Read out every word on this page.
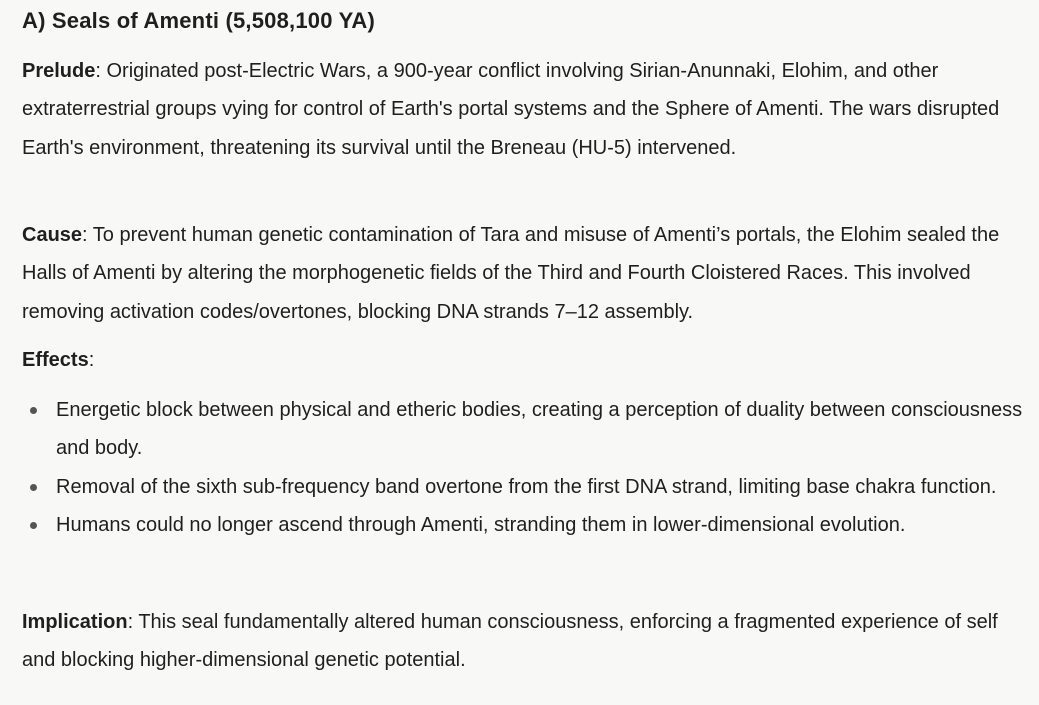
A) Seals of Amenti (5,508,100 YA)

Prelude: Originated post-Electric Wars, a 900-year conflict involving Sirian-Anunnaki, Elohim, and other extraterrestrial groups vying for control of Earth's portal systems and the Sphere of Amenti. The wars disrupted Earth's environment, threatening its survival until the Breneau (HU-5) intervened.

Cause: To prevent human genetic contamination of Tara and misuse of Amenti’s portals, the Elohim sealed the Halls of Amenti by altering the morphogenetic fields of the Third and Fourth Cloistered Races. This involved removing activation codes/overtones, blocking DNA strands 7–12 assembly.

Effects:

Energetic block between physical and etheric bodies, creating a perception of duality between consciousness and body.
Removal of the sixth sub-frequency band overtone from the first DNA strand, limiting base chakra function.
Humans could no longer ascend through Amenti, stranding them in lower-dimensional evolution.

Implication: This seal fundamentally altered human consciousness, enforcing a fragmented experience of self and blocking higher-dimensional genetic potential.
